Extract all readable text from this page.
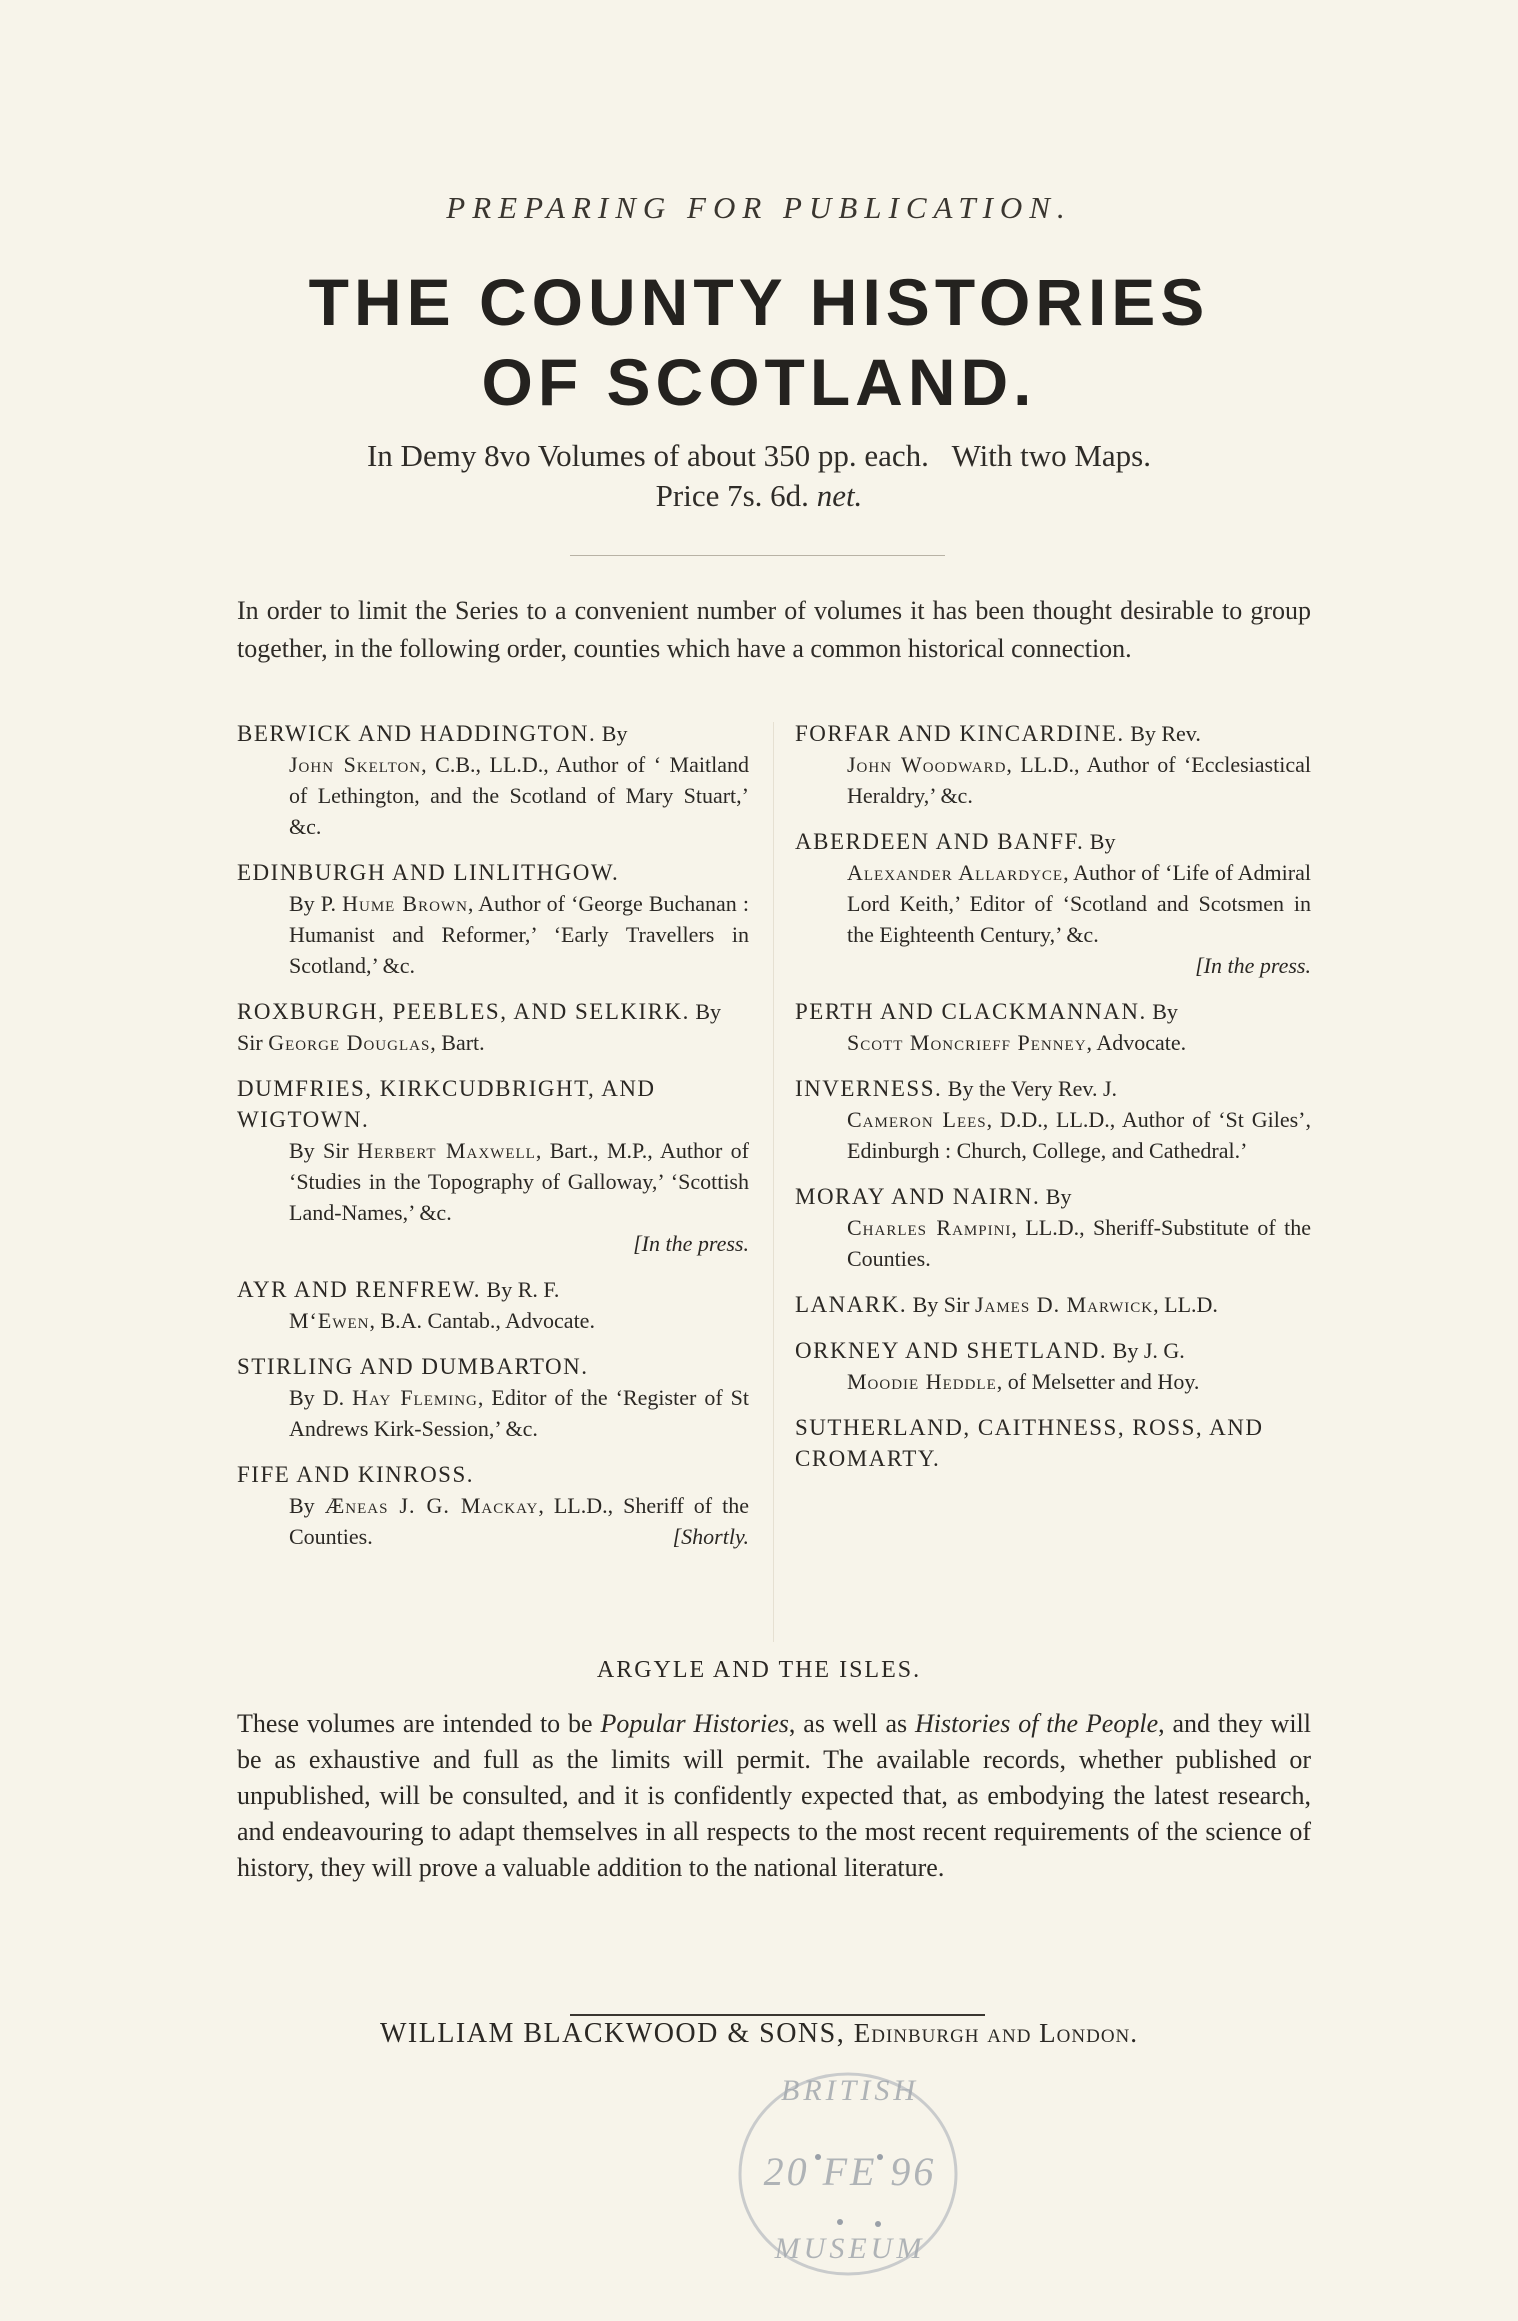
PREPARING FOR PUBLICATION.
THE COUNTY HISTORIES
OF SCOTLAND.
In Demy 8vo Volumes of about 350 pp. each.   With two Maps.
Price 7s. 6d. net.
In order to limit the Series to a convenient number of volumes it has been thought desirable to group together, in the following order, counties which have a common historical connection.
BERWICK AND HADDINGTON. By
John Skelton, C.B., LL.D., Author of ‘ Maitland of Lethington, and the Scotland of Mary Stuart,’ &c.
EDINBURGH AND LINLITHGOW.
By P. Hume Brown, Author of ‘George Buchanan : Humanist and Reformer,’ ‘Early Travellers in Scotland,’ &c.
ROXBURGH, PEEBLES, AND SELKIRK. By Sir George Douglas, Bart.
DUMFRIES, KIRKCUDBRIGHT, AND WIGTOWN.
By Sir Herbert Maxwell, Bart., M.P., Author of ‘Studies in the Topography of Galloway,’ ‘Scottish Land-Names,’ &c.
[In the press.
AYR AND RENFREW. By R. F.
M‘Ewen, B.A. Cantab., Advocate.
STIRLING AND DUMBARTON.
By D. Hay Fleming, Editor of the ‘Register of St Andrews Kirk-Session,’ &c.
FIFE AND KINROSS.
By Æneas J. G. Mackay, LL.D., Sheriff of the Counties.	[Shortly.
FORFAR AND KINCARDINE. By Rev.
John Woodward, LL.D., Author of ‘Ecclesiastical Heraldry,’ &c.
ABERDEEN AND BANFF. By
Alexander Allardyce, Author of ‘Life of Admiral Lord Keith,’ Editor of ‘Scotland and Scotsmen in the Eighteenth Century,’ &c.
[In the press.
PERTH AND CLACKMANNAN. By
Scott Moncrieff Penney, Advocate.
INVERNESS. By the Very Rev. J.
Cameron Lees, D.D., LL.D., Author of ‘St Giles’, Edinburgh : Church, College, and Cathedral.’
MORAY AND NAIRN. By
Charles Rampini, LL.D., Sheriff-Substitute of the Counties.
LANARK. By Sir James D. Marwick, LL.D.
ORKNEY AND SHETLAND. By J. G.
Moodie Heddle, of Melsetter and Hoy.
SUTHERLAND, CAITHNESS, ROSS, AND CROMARTY.
ARGYLE AND THE ISLES.
These volumes are intended to be Popular Histories, as well as Histories of the People, and they will be as exhaustive and full as the limits will permit. The available records, whether published or unpublished, will be consulted, and it is confidently expected that, as embodying the latest research, and endeavouring to adapt themselves in all respects to the most recent requirements of the science of history, they will prove a valuable addition to the national literature.
WILLIAM BLACKWOOD & SONS, Edinburgh and London.
BRITISH
20 FE 96
MUSEUM
